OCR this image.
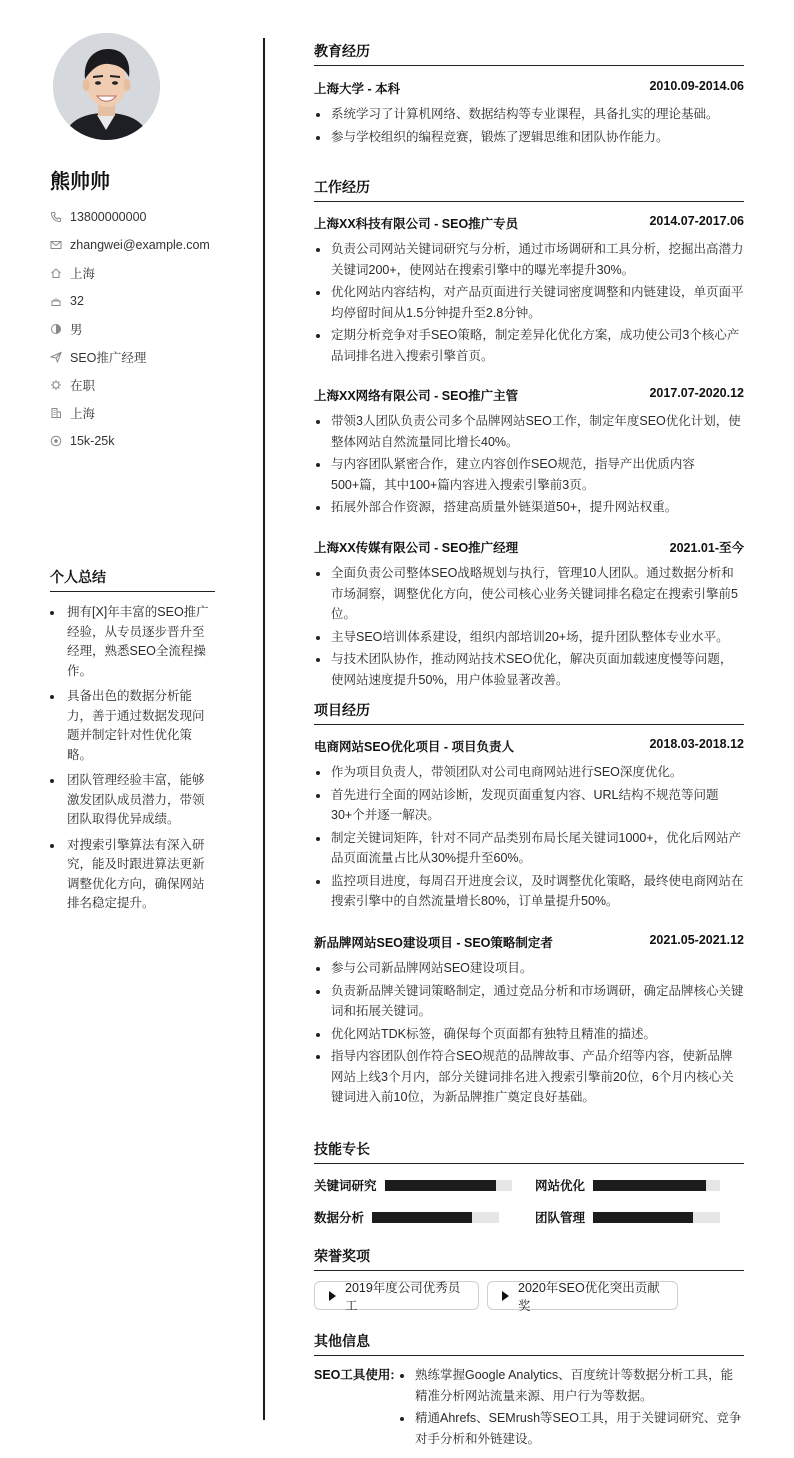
熊帅帅
13800000000
zhangwei@example.com
上海
32
男
SEO推广经理
在职
上海
15k-25k
个人总结
拥有[X]年丰富的SEO推广经验，从专员逐步晋升至经理，熟悉SEO全流程操作。
具备出色的数据分析能力，善于通过数据发现问题并制定针对性优化策略。
团队管理经验丰富，能够激发团队成员潜力，带领团队取得优异成绩。
对搜索引擎算法有深入研究，能及时跟进算法更新调整优化方向，确保网站排名稳定提升。
教育经历
上海大学 - 本科	2010.09-2014.06
系统学习了计算机网络、数据结构等专业课程，具备扎实的理论基础。
参与学校组织的编程竞赛，锻炼了逻辑思维和团队协作能力。
工作经历
上海XX科技有限公司 - SEO推广专员	2014.07-2017.06
负责公司网站关键词研究与分析，通过市场调研和工具分析，挖掘出高潜力关键词200+，使网站在搜索引擎中的曝光率提升30%。
优化网站内容结构，对产品页面进行关键词密度调整和内链建设，单页面平均停留时间从1.5分钟提升至2.8分钟。
定期分析竞争对手SEO策略，制定差异化优化方案，成功使公司3个核心产品词排名进入搜索引擎首页。
上海XX网络有限公司 - SEO推广主管	2017.07-2020.12
带领3人团队负责公司多个品牌网站SEO工作，制定年度SEO优化计划，使整体网站自然流量同比增长40%。
与内容团队紧密合作，建立内容创作SEO规范，指导产出优质内容500+篇，其中100+篇内容进入搜索引擎前3页。
拓展外部合作资源，搭建高质量外链渠道50+，提升网站权重。
上海XX传媒有限公司 - SEO推广经理	2021.01-至今
全面负责公司整体SEO战略规划与执行，管理10人团队。通过数据分析和市场洞察，调整优化方向，使公司核心业务关键词排名稳定在搜索引擎前5位。
主导SEO培训体系建设，组织内部培训20+场，提升团队整体专业水平。
与技术团队协作，推动网站技术SEO优化，解决页面加载速度慢等问题，使网站速度提升50%，用户体验显著改善。
项目经历
电商网站SEO优化项目 - 项目负责人	2018.03-2018.12
作为项目负责人，带领团队对公司电商网站进行SEO深度优化。
首先进行全面的网站诊断，发现页面重复内容、URL结构不规范等问题30+个并逐一解决。
制定关键词矩阵，针对不同产品类别布局长尾关键词1000+，优化后网站产品页面流量占比从30%提升至60%。
监控项目进度，每周召开进度会议，及时调整优化策略，最终使电商网站在搜索引擎中的自然流量增长80%，订单量提升50%。
新品牌网站SEO建设项目 - SEO策略制定者	2021.05-2021.12
参与公司新品牌网站SEO建设项目。
负责新品牌关键词策略制定，通过竞品分析和市场调研，确定品牌核心关键词和拓展关键词。
优化网站TDK标签，确保每个页面都有独特且精准的描述。
指导内容团队创作符合SEO规范的品牌故事、产品介绍等内容，使新品牌网站上线3个月内，部分关键词排名进入搜索引擎前20位，6个月内核心关键词进入前10位，为新品牌推广奠定良好基础。
技能专长
关键词研究	网站优化
数据分析	团队管理
荣誉奖项
2019年度公司优秀员工
2020年SEO优化突出贡献奖
其他信息
SEO工具使用:	熟练掌握Google Analytics、百度统计等数据分析工具，能精准分析网站流量来源、用户行为等数据。
精通Ahrefs、SEMrush等SEO工具，用于关键词研究、竞争对手分析和外链建设。
